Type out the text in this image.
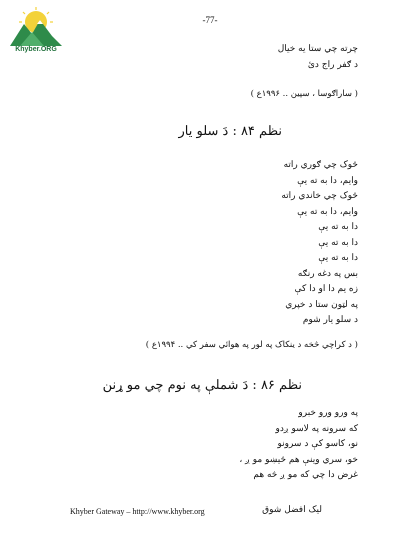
Khyber.ORG
-77-
چرته چي ستا يه خيال
د ګفر راج دئ
( ساراګوسا ، سپين .. ١٩٩۶ع )
نظم ٨۴ : دَ سلو يار
څوک چي ګوري راته
وايم، دا به ته يې
څوک چي خاندي راته
وايم، دا به ته يې
دا به ته يې
دا به ته يې
دا به ته يې
بس په دغه رنګه
زه يم دا او دا کې
په لټون ستا د خپري
د سلو يار شوم
( د کراچي څخه د ينکاک په لور په هوائي سفر کي .. ١٩٩۴ع )
نظم ٨۶ : دَ شملې په نوم چي مو ړنن
په ورو ورو خبرو
که سرونه په لاسو ږدو
نو، کاسو کې د سرونو
خو، سري وينې هم څيښو مو ږ ،
غرض دا چي که مو ږ څه هم
Khyber Gateway – http://www.khyber.org	ليک افضل شوق
